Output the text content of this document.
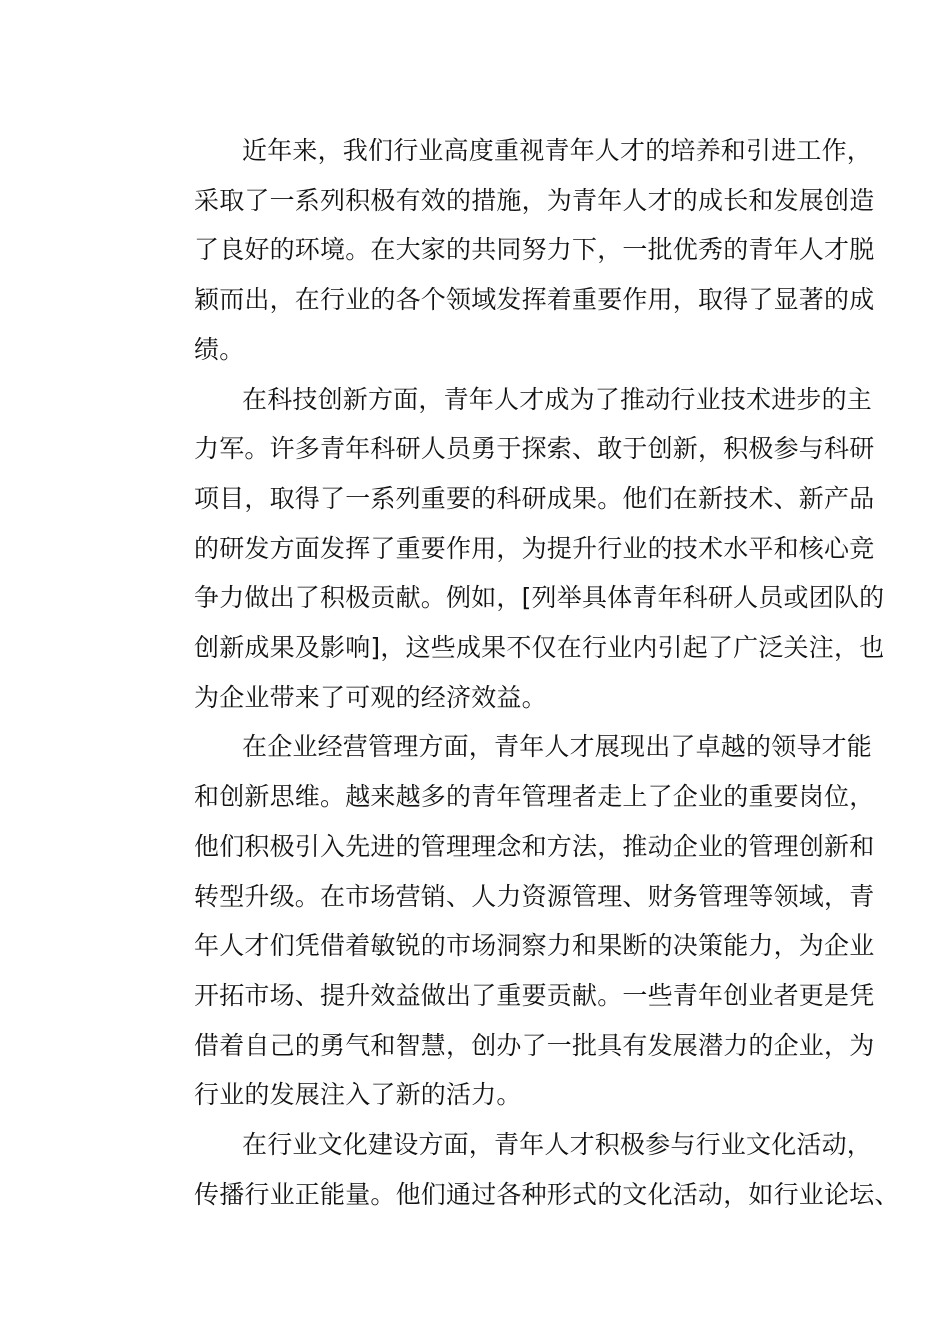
近年来，我们行业高度重视青年人才的培养和引进工作，
采取了一系列积极有效的措施，为青年人才的成长和发展创造
了良好的环境。在大家的共同努力下，一批优秀的青年人才脱
颖而出，在行业的各个领域发挥着重要作用，取得了显著的成
绩。
在科技创新方面，青年人才成为了推动行业技术进步的主
力军。许多青年科研人员勇于探索、敢于创新，积极参与科研
项目，取得了一系列重要的科研成果。他们在新技术、新产品
的研发方面发挥了重要作用，为提升行业的技术水平和核心竞
争力做出了积极贡献。例如，[列举具体青年科研人员或团队的
创新成果及影响]，这些成果不仅在行业内引起了广泛关注，也
为企业带来了可观的经济效益。
在企业经营管理方面，青年人才展现出了卓越的领导才能
和创新思维。越来越多的青年管理者走上了企业的重要岗位，
他们积极引入先进的管理理念和方法，推动企业的管理创新和
转型升级。在市场营销、人力资源管理、财务管理等领域，青
年人才们凭借着敏锐的市场洞察力和果断的决策能力，为企业
开拓市场、提升效益做出了重要贡献。一些青年创业者更是凭
借着自己的勇气和智慧，创办了一批具有发展潜力的企业，为
行业的发展注入了新的活力。
在行业文化建设方面，青年人才积极参与行业文化活动，
传播行业正能量。他们通过各种形式的文化活动，如行业论坛、
